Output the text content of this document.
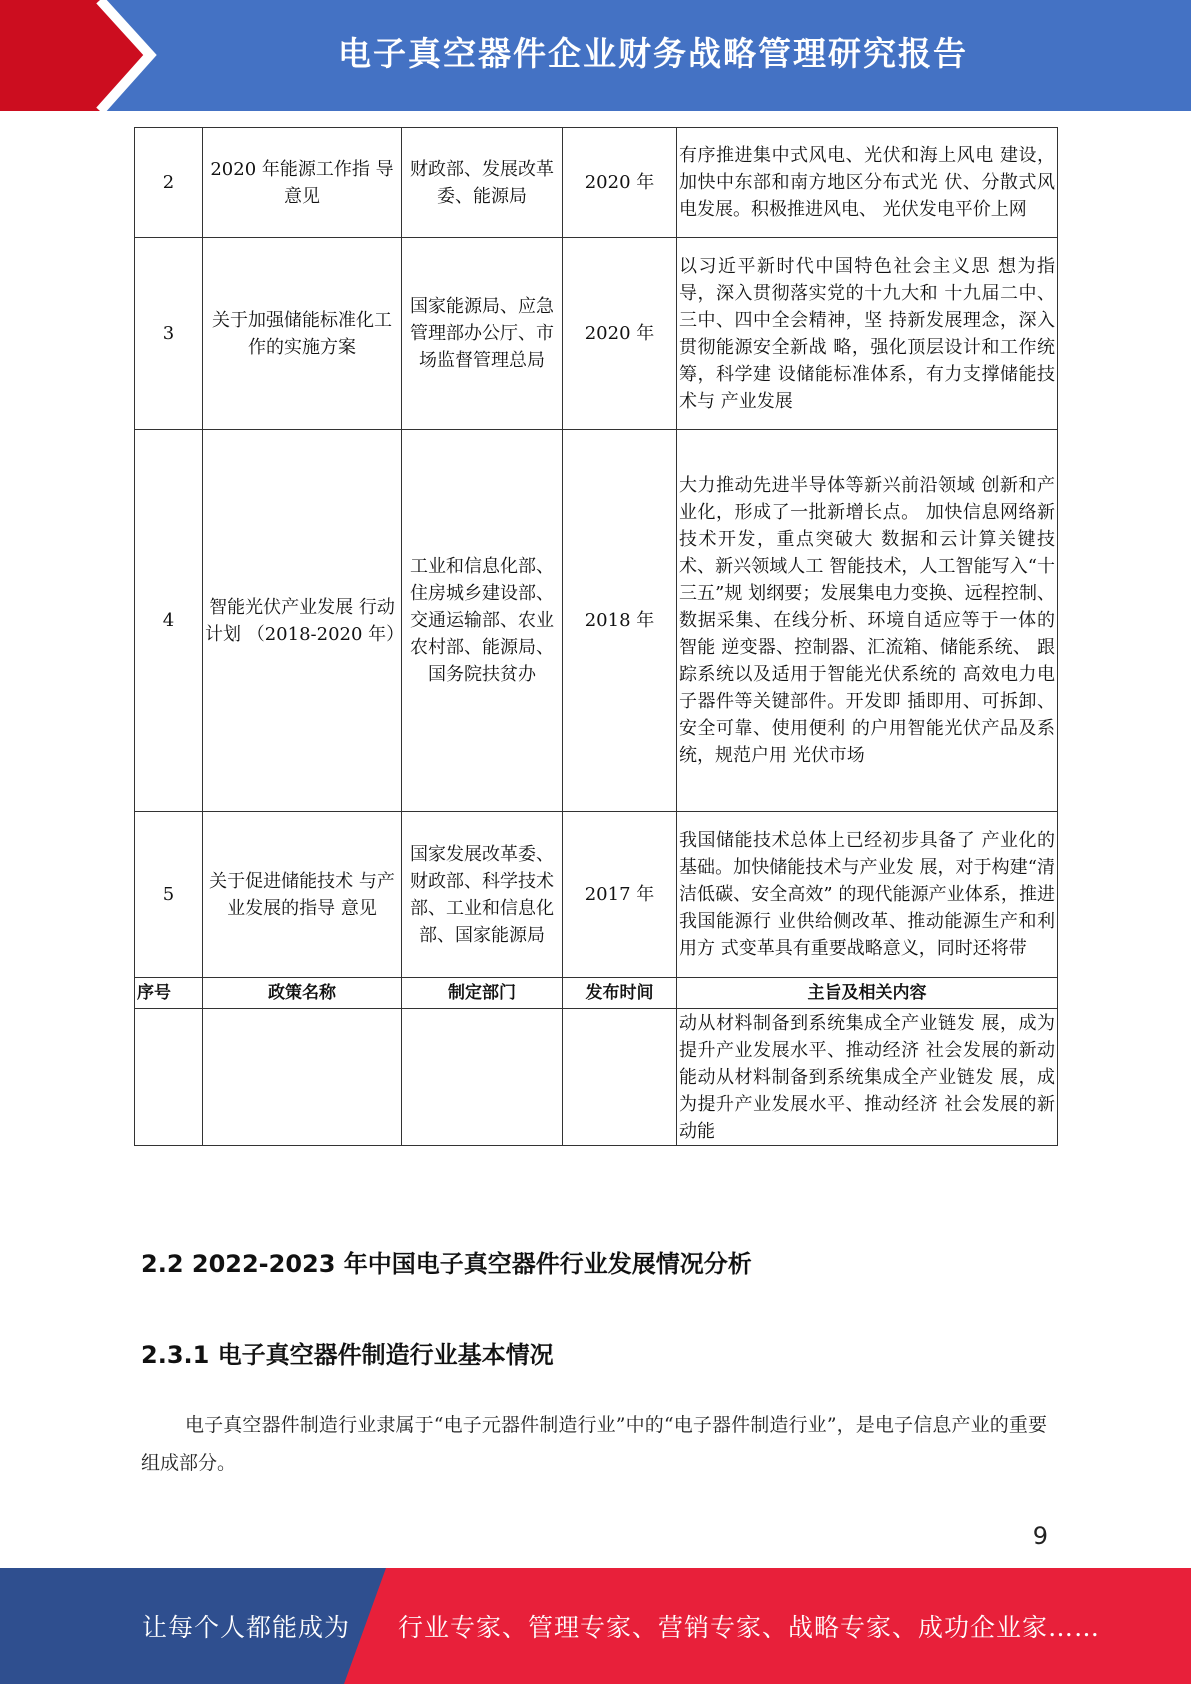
电子真空器件企业财务战略管理研究报告
2	2020 年能源工作指 导意见	财政部、发展改革委、能源局	2020 年	有序推进集中式风电、光伏和海上风电 建设，加快中东部和南方地区分布式光 伏、分散式风电发展。积极推进风电、 光伏发电平价上网
3	关于加强储能标准化工作的实施方案	国家能源局、应急管理部办公厅、市场监督管理总局	2020 年	以习近平新时代中国特色社会主义思 想为指导，深入贯彻落实党的十九大和 十九届二中、三中、四中全会精神，坚 持新发展理念，深入贯彻能源安全新战 略，强化顶层设计和工作统筹，科学建 设储能标准体系，有力支撑储能技术与 产业发展
4	智能光伏产业发展 行动计划 （2018-2020 年）	工业和信息化部、住房城乡建设部、交通运输部、农业农村部、能源局、国务院扶贫办	2018 年	大力推动先进半导体等新兴前沿领域 创新和产业化，形成了一批新增长点。 加快信息网络新技术开发，重点突破大 数据和云计算关键技术、新兴领域人工 智能技术，人工智能写入“十三五”规 划纲要；发展集电力变换、远程控制、数据采集、在线分析、环境自适应等于一体的智能 逆变器、控制器、汇流箱、储能系统、 跟踪系统以及适用于智能光伏系统的 高效电力电子器件等关键部件。开发即 插即用、可拆卸、安全可靠、使用便利 的户用智能光伏产品及系统，规范户用 光伏市场
5	关于促进储能技术 与产业发展的指导 意见	国家发展改革委、财政部、科学技术部、工业和信息化部、国家能源局	2017 年	我国储能技术总体上已经初步具备了 产业化的基础。加快储能技术与产业发 展，对于构建“清洁低碳、安全高效” 的现代能源产业体系，推进我国能源行 业供给侧改革、推动能源生产和利用方 式变革具有重要战略意义，同时还将带
序号	政策名称	制定部门	发布时间	主旨及相关内容
				动从材料制备到系统集成全产业链发 展，成为提升产业发展水平、推动经济 社会发展的新动能动从材料制备到系统集成全产业链发 展，成为提升产业发展水平、推动经济 社会发展的新动能
2.2 2022-2023 年中国电子真空器件行业发展情况分析
2.3.1 电子真空器件制造行业基本情况
电子真空器件制造行业隶属于“电子元器件制造行业”中的“电子器件制造行业”，是电子信息产业的重要组成部分。
9
让每个人都能成为 行业专家、管理专家、营销专家、战略专家、成功企业家……
